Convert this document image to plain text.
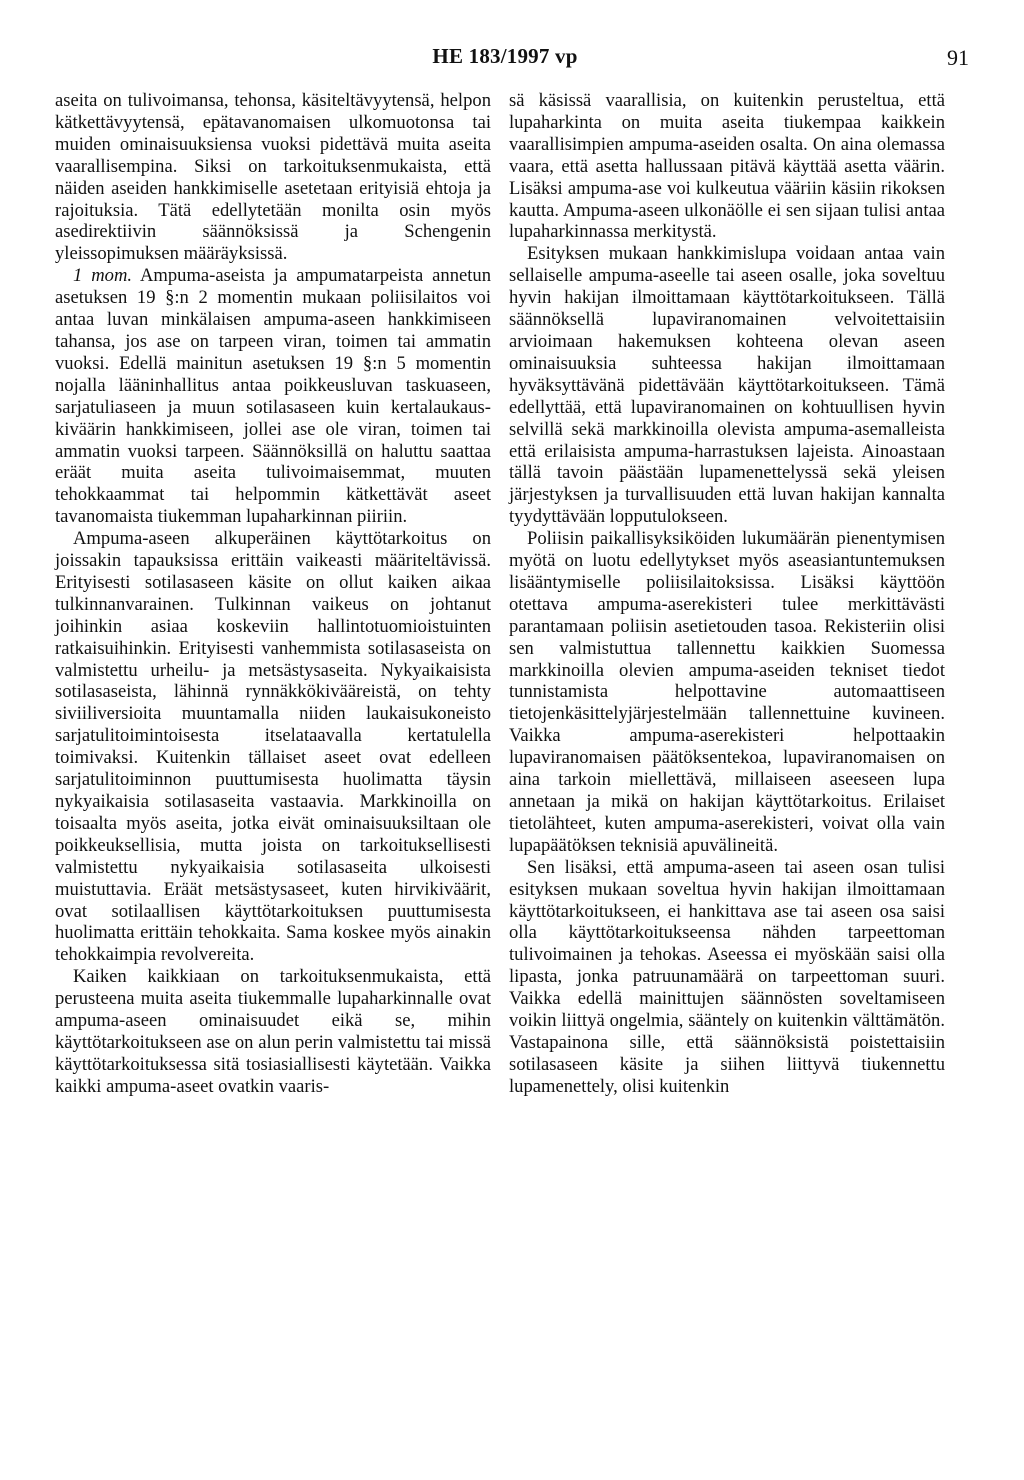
HE 183/1997 vp	91

aseita on tulivoimansa, tehonsa, käsiteltävyytensä, helpon kätkettävyytensä, epätavanomaisen ulkomuotonsa tai muiden ominaisuuksiensa vuoksi pidettävä muita aseita vaarallisempina. Siksi on tarkoituksenmukaista, että näiden aseiden hankkimiselle asetetaan erityisiä ehtoja ja rajoituksia. Tätä edellytetään monilta osin myös asedirektiivin säännöksissä ja Schengenin yleissopimuksen määräyksissä.

1 mom. Ampuma-aseista ja ampumatarpeista annetun asetuksen 19 §:n 2 momentin mukaan poliisilaitos voi antaa luvan minkälaisen ampuma-aseen hankkimiseen tahansa, jos ase on tarpeen viran, toimen tai ammatin vuoksi. Edellä mainitun asetuksen 19 §:n 5 momentin nojalla lääninhallitus antaa poikkeusluvan taskuaseen, sarjatuliaseen ja muun sotilasaseen kuin kertalaukauskiväärin hankkimiseen, jollei ase ole viran, toimen tai ammatin vuoksi tarpeen. Säännöksillä on haluttu saattaa eräät muita aseita tulivoimaisemmat, muuten tehokkaammat tai helpommin kätkettävät aseet tavanomaista tiukemman lupaharkinnan piiriin.

Ampuma-aseen alkuperäinen käyttötarkoitus on joissakin tapauksissa erittäin vaikeasti määriteltävissä. Erityisesti sotilasaseen käsite on ollut kaiken aikaa tulkinnanvarainen. Tulkinnan vaikeus on johtanut joihinkin asiaa koskeviin hallintotuomioistuinten ratkaisuihinkin. Erityisesti vanhemmista sotilasaseista on valmistettu urheilu- ja metsästysaseita. Nykyaikaisista sotilasaseista, lähinnä rynnäkkökivääreistä, on tehty siviiliversioita muuntamalla niiden laukaisukoneisto sarjatulitoimintoisesta itselataavalla kertatulella toimivaksi. Kuitenkin tällaiset aseet ovat edelleen sarjatulitoiminnon puuttumisesta huolimatta täysin nykyaikaisia sotilasaseita vastaavia. Markkinoilla on toisaalta myös aseita, jotka eivät ominaisuuksiltaan ole poikkeuksellisia, mutta joista on tarkoituksellisesti valmistettu nykyaikaisia sotilasaseita ulkoisesti muistuttavia. Eräät metsästysaseet, kuten hirvikiväärit, ovat sotilaallisen käyttötarkoituksen puuttumisesta huolimatta erittäin tehokkaita. Sama koskee myös ainakin tehokkaimpia revolvereita.

Kaiken kaikkiaan on tarkoituksenmukaista, että perusteena muita aseita tiukemmalle lupaharkinnalle ovat ampuma-aseen ominaisuudet eikä se, mihin käyttötarkoitukseen ase on alun perin valmistettu tai missä käyttötarkoituksessa sitä tosiasiallisesti käytetään. Vaikka kaikki ampuma-aseet ovatkin vaaris-

sä käsissä vaarallisia, on kuitenkin perusteltua, että lupaharkinta on muita aseita tiukempaa kaikkein vaarallisimpien ampuma-aseiden osalta. On aina olemassa vaara, että asetta hallussaan pitävä käyttää asetta väärin. Lisäksi ampuma-ase voi kulkeutua vääriin käsiin rikoksen kautta. Ampuma-aseen ulkonäölle ei sen sijaan tulisi antaa lupaharkinnassa merkitystä.

Esityksen mukaan hankkimislupa voidaan antaa vain sellaiselle ampuma-aseelle tai aseen osalle, joka soveltuu hyvin hakijan ilmoittamaan käyttötarkoitukseen. Tällä säännöksellä lupaviranomainen velvoitettaisiin arvioimaan hakemuksen kohteena olevan aseen ominaisuuksia suhteessa hakijan ilmoittamaan hyväksyttävänä pidettävään käyttötarkoitukseen. Tämä edellyttää, että lupaviranomainen on kohtuullisen hyvin selvillä sekä markkinoilla olevista ampuma-asemalleista että erilaisista ampuma-harrastuksen lajeista. Ainoastaan tällä tavoin päästään lupamenettelyssä sekä yleisen järjestyksen ja turvallisuuden että luvan hakijan kannalta tyydyttävään lopputulokseen.

Poliisin paikallisyksiköiden lukumäärän pienentymisen myötä on luotu edellytykset myös aseasiantuntemuksen lisääntymiselle poliisilaitoksissa. Lisäksi käyttöön otettava ampuma-aserekisteri tulee merkittävästi parantamaan poliisin asetietouden tasoa. Rekisteriin olisi sen valmistuttua tallennettu kaikkien Suomessa markkinoilla olevien ampuma-aseiden tekniset tiedot tunnistamista helpottavine automaattiseen tietojenkäsittelyjärjestelmään tallennettuine kuvineen. Vaikka ampuma-aserekisteri helpottaakin lupaviranomaisen päätöksentekoa, lupaviranomaisen on aina tarkoin miellettävä, millaiseen aseeseen lupa annetaan ja mikä on hakijan käyttötarkoitus. Erilaiset tietolähteet, kuten ampuma-aserekisteri, voivat olla vain lupapäätöksen teknisiä apuvälineitä.

Sen lisäksi, että ampuma-aseen tai aseen osan tulisi esityksen mukaan soveltua hyvin hakijan ilmoittamaan käyttötarkoitukseen, ei hankittava ase tai aseen osa saisi olla käyttötarkoitukseensa nähden tarpeettoman tulivoimainen ja tehokas. Aseessa ei myöskään saisi olla lipasta, jonka patruunamäärä on tarpeettoman suuri. Vaikka edellä mainittujen säännösten soveltamiseen voikin liittyä ongelmia, sääntely on kuitenkin välttämätön. Vastapainona sille, että säännöksistä poistettaisiin sotilasaseen käsite ja siihen liittyvä tiukennettu lupamenettely, olisi kuitenkin
